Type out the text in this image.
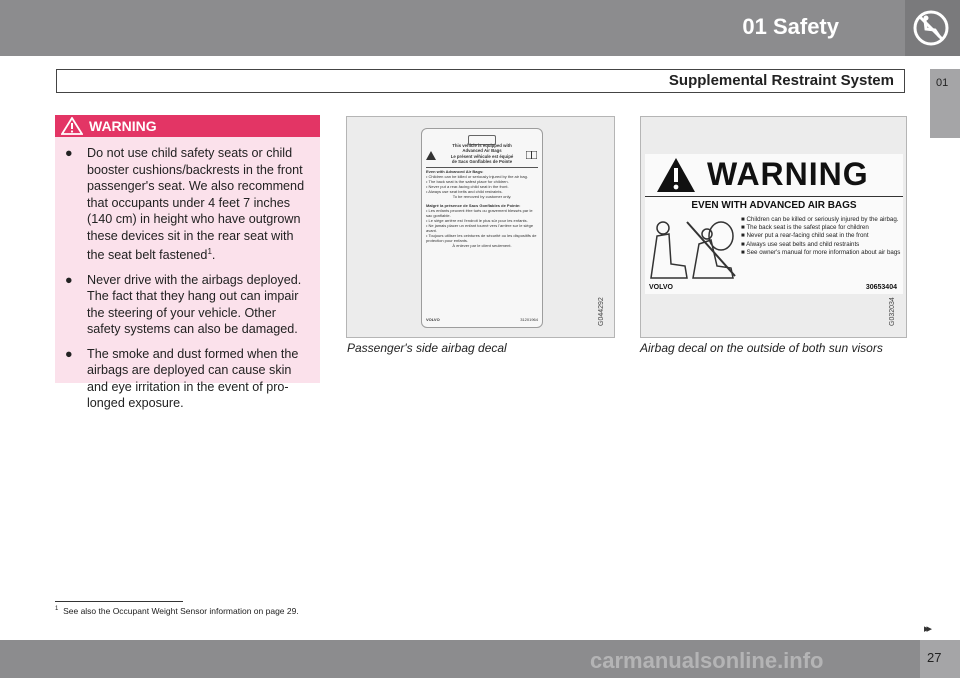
01 Safety
Supplemental Restraint System	01
WARNING
● Do not use child safety seats or child booster cushions/backrests in the front passenger's seat. We also recommend that occupants under 4 feet 7 inches (140 cm) in height who have outgrown these devices sit in the rear seat with the seat belt fastened$^1$.
● Never drive with the airbags deployed. The fact that they hang out can impair the steering of your vehicle. Other safety systems can also be damaged.
● The smoke and dust formed when the airbags are deployed can cause skin and eye irritation in the event of pro-longed exposure.
This vehicle is equipped with
Advanced Air Bags
Le présent véhicule est équipé
de Sacs Gonflables de Pointe
Even with Advanced Air Bags:
• Children can be killed or seriously injured by the air bag.
• The back seat is the safest place for children.
• Never put a rear-facing child seat in the front.
• Always use seat belts and child restraints.
To be removed by customer only.
Malgré la présence de Sacs Gonflables de Pointe:
• Les enfants peuvent être tués ou gravement blessés par le sac gonflable.
• Le siège arrière est l'endroit le plus sûr pour les enfants.
• Ne jamais placer un enfant tourné vers l'arrière sur le siège avant.
• Toujours utiliser les ceintures de sécurité ou les dispositifs de protection pour enfants.
À enlever par le client seulement.
VOLVO	31201964	G044292
Passenger's side airbag decal
WARNING
EVEN WITH ADVANCED AIR BAGS
■ Children can be killed or seriously injured by the airbag.
■ The back seat is the safest place for children
■ Never put a rear-facing child seat in the front
■ Always use seat belts and child restraints
■ See owner's manual for more information about air bags
VOLVO	30653404
G032034
Airbag decal on the outside of both sun visors
$^1$ See also the Occupant Weight Sensor information on page 29.
▸▸
27
carmanualsonline.info
